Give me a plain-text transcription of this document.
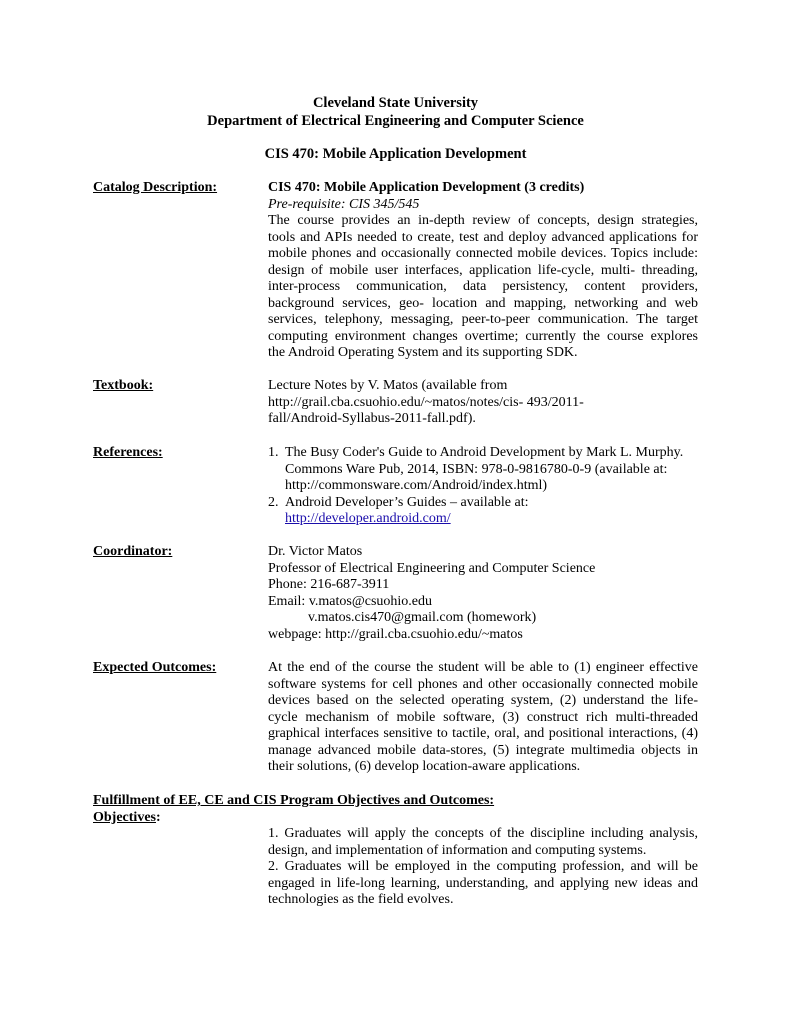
Cleveland State University
Department of Electrical Engineering and Computer Science
CIS 470: Mobile Application Development
Catalog Description:	CIS 470: Mobile Application Development (3 credits)
Pre-requisite: CIS 345/545
The course provides an in-depth review of concepts, design strategies,
tools and APIs needed to create, test and deploy advanced applications for
mobile phones and occasionally connected mobile devices. Topics include:
design of mobile user interfaces, application life-cycle, multi- threading,
inter-process communication, data persistency, content providers,
background services, geo- location and mapping, networking and web
services, telephony, messaging, peer-to-peer communication. The target
computing environment changes overtime; currently the course explores
the Android Operating System and its supporting SDK.
Textbook:	Lecture Notes by V. Matos (available from
http://grail.cba.csuohio.edu/~matos/notes/cis- 493/2011-
fall/Android-Syllabus-2011-fall.pdf).
References:	1. The Busy Coder's Guide to Android Development by Mark L. Murphy.
Commons Ware Pub, 2014, ISBN: 978-0-9816780-0-9 (available at:
http://commonsware.com/Android/index.html)
2. Android Developer’s Guides – available at:
http://developer.android.com/
Coordinator:	Dr. Victor Matos
Professor of Electrical Engineering and Computer Science
Phone: 216-687-3911
Email: v.matos@csuohio.edu
v.matos.cis470@gmail.com (homework)
webpage: http://grail.cba.csuohio.edu/~matos
Expected Outcomes:	At the end of the course the student will be able to (1) engineer effective
software systems for cell phones and other occasionally connected mobile
devices based on the selected operating system, (2) understand the life-
cycle mechanism of mobile software, (3) construct rich multi-threaded
graphical interfaces sensitive to tactile, oral, and positional interactions, (4)
manage advanced mobile data-stores, (5) integrate multimedia objects in
their solutions, (6) develop location-aware applications.
Fulfillment of EE, CE and CIS Program Objectives and Outcomes:
Objectives:
1. Graduates will apply the concepts of the discipline including analysis,
design, and implementation of information and computing systems.
2. Graduates will be employed in the computing profession, and will be
engaged in life-long learning, understanding, and applying new ideas and
technologies as the field evolves.
